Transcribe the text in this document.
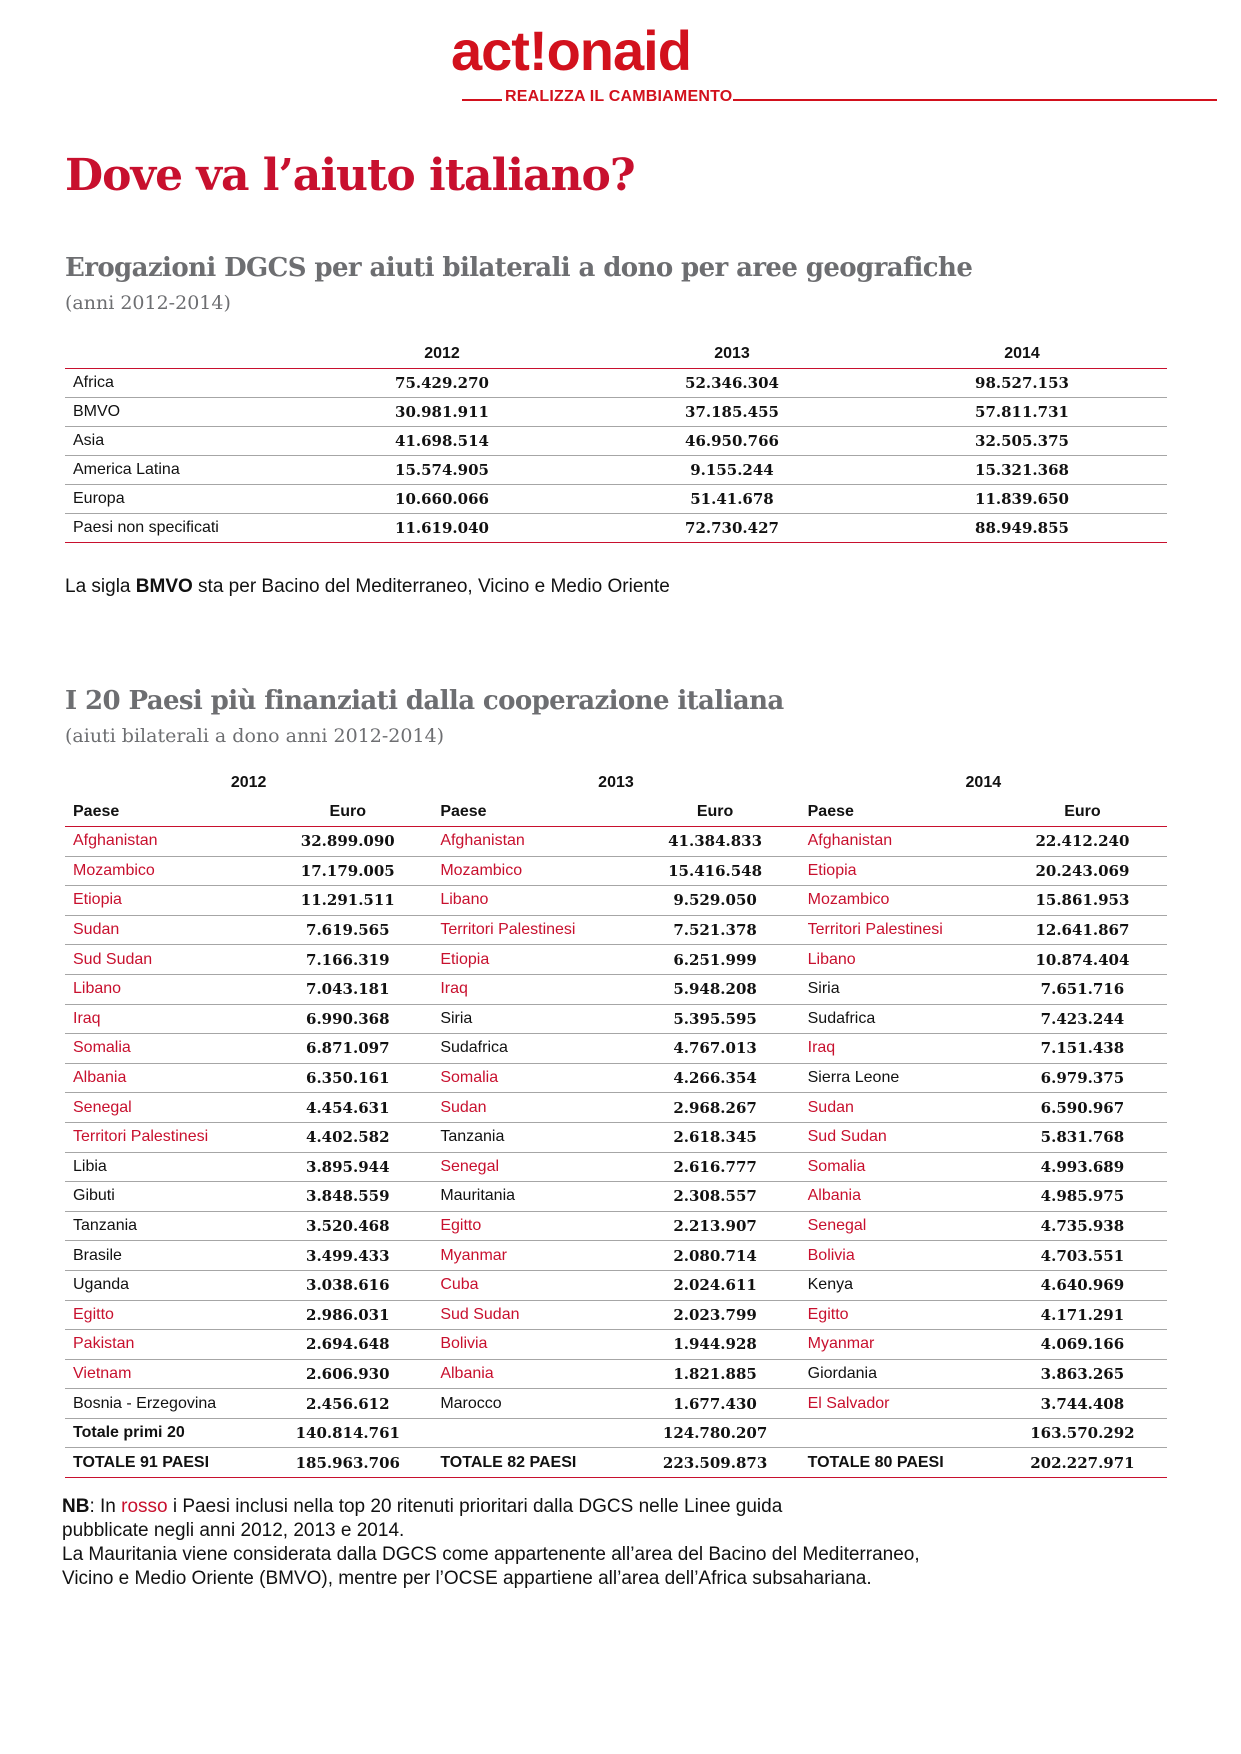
act!onaid
REALIZZA IL CAMBIAMENTO
Dove va l’aiuto italiano?
Erogazioni DGCS per aiuti bilaterali a dono per aree geografiche
(anni 2012-2014)
	2012	2013	2014
Africa	75.429.270	52.346.304	98.527.153
BMVO	30.981.911	37.185.455	57.811.731
Asia	41.698.514	46.950.766	32.505.375
America Latina	15.574.905	9.155.244	15.321.368
Europa	10.660.066	51.41.678	11.839.650
Paesi non specificati	11.619.040	72.730.427	88.949.855
La sigla BMVO sta per Bacino del Mediterraneo, Vicino e Medio Oriente
I 20 Paesi più finanziati dalla cooperazione italiana
(aiuti bilaterali a dono anni 2012-2014)
2012		2013		2014	
Paese	Euro	Paese	Euro	Paese	Euro
Afghanistan	32.899.090	Afghanistan	41.384.833	Afghanistan	22.412.240
Mozambico	17.179.005	Mozambico	15.416.548	Etiopia	20.243.069
Etiopia	11.291.511	Libano	9.529.050	Mozambico	15.861.953
Sudan	7.619.565	Territori Palestinesi	7.521.378	Territori Palestinesi	12.641.867
Sud Sudan	7.166.319	Etiopia	6.251.999	Libano	10.874.404
Libano	7.043.181	Iraq	5.948.208	Siria	7.651.716
Iraq	6.990.368	Siria	5.395.595	Sudafrica	7.423.244
Somalia	6.871.097	Sudafrica	4.767.013	Iraq	7.151.438
Albania	6.350.161	Somalia	4.266.354	Sierra Leone	6.979.375
Senegal	4.454.631	Sudan	2.968.267	Sudan	6.590.967
Territori Palestinesi	4.402.582	Tanzania	2.618.345	Sud Sudan	5.831.768
Libia	3.895.944	Senegal	2.616.777	Somalia	4.993.689
Gibuti	3.848.559	Mauritania	2.308.557	Albania	4.985.975
Tanzania	3.520.468	Egitto	2.213.907	Senegal	4.735.938
Brasile	3.499.433	Myanmar	2.080.714	Bolivia	4.703.551
Uganda	3.038.616	Cuba	2.024.611	Kenya	4.640.969
Egitto	2.986.031	Sud Sudan	2.023.799	Egitto	4.171.291
Pakistan	2.694.648	Bolivia	1.944.928	Myanmar	4.069.166
Vietnam	2.606.930	Albania	1.821.885	Giordania	3.863.265
Bosnia - Erzegovina	2.456.612	Marocco	1.677.430	El Salvador	3.744.408
Totale primi 20	140.814.761		124.780.207		163.570.292
TOTALE 91 PAESI	185.963.706	TOTALE 82 PAESI	223.509.873	TOTALE 80 PAESI	202.227.971
NB: In rosso i Paesi inclusi nella top 20 ritenuti prioritari dalla DGCS nelle Linee guida
pubblicate negli anni 2012, 2013 e 2014.
La Mauritania viene considerata dalla DGCS come appartenente all’area del Bacino del Mediterraneo,
Vicino e Medio Oriente (BMVO), mentre per l’OCSE appartiene all’area dell’Africa subsahariana.
